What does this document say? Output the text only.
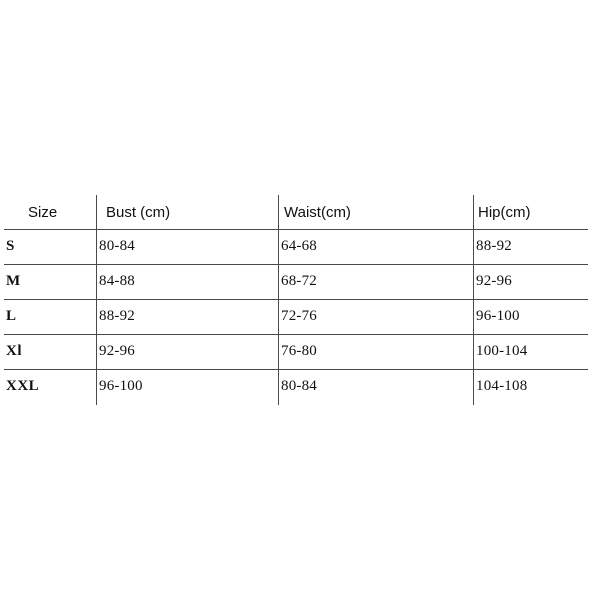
Size	Bust (cm)	Waist(cm)	Hip(cm)
S	80-84	64-68	88-92
M	84-88	68-72	92-96
L	88-92	72-76	96-100
Xl	92-96	76-80	100-104
XXL	96-100	80-84	104-108
